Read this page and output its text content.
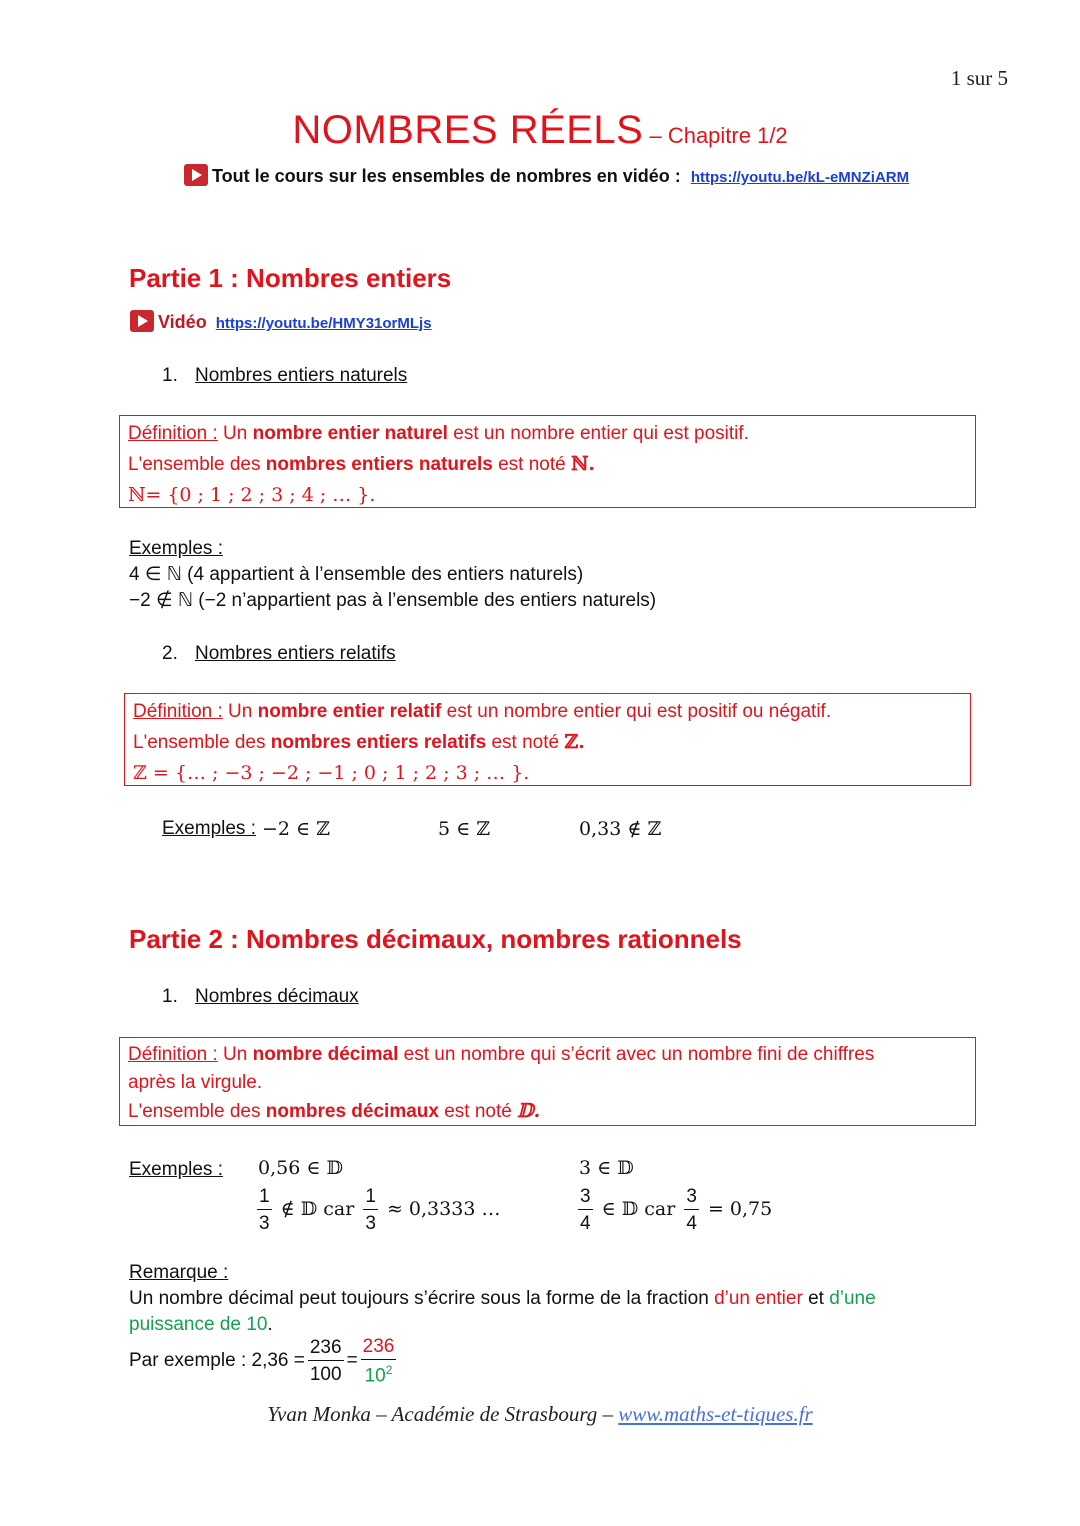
1 sur 5
NOMBRES RÉELS – Chapitre 1/2
Tout le cours sur les ensembles de nombres en vidéo : https://youtu.be/kL-eMNZiARM
Partie 1 : Nombres entiers
Vidéo https://youtu.be/HMY31orMLjs
1. Nombres entiers naturels
Définition : Un nombre entier naturel est un nombre entier qui est positif.
L'ensemble des nombres entiers naturels est noté ℕ.
ℕ= {0 ; 1 ; 2 ; 3 ; 4 ; … }.
Exemples :
4 ∈ ℕ (4 appartient à l’ensemble des entiers naturels)
−2 ∉ ℕ (−2 n’appartient pas à l’ensemble des entiers naturels)
2. Nombres entiers relatifs
Définition : Un nombre entier relatif est un nombre entier qui est positif ou négatif.
L'ensemble des nombres entiers relatifs est noté ℤ.
ℤ = {… ; −3 ; −2 ; −1 ; 0 ; 1 ; 2 ; 3 ; … }.
Exemples : −2 ∈ ℤ	5 ∈ ℤ	0,33 ∉ ℤ
Partie 2 : Nombres décimaux, nombres rationnels
1. Nombres décimaux
Définition : Un nombre décimal est un nombre qui s’écrit avec un nombre fini de chiffres
après la virgule.
L'ensemble des nombres décimaux est noté 𝔻.
Exemples : 0,56 ∈ 𝔻	3 ∈ 𝔻
$\frac{1}{3}$ ∉ 𝔻 car $\frac{1}{3} \approx 0,3333$ …	$\frac{3}{4}$ ∈ 𝔻 car $\frac{3}{4} = 0,75$
Remarque :
Un nombre décimal peut toujours s’écrire sous la forme de la fraction d’un entier et d’une puissance de 10.
Par exemple : $2,36 = \frac{236}{100} = \frac{236}{10^2}$
Yvan Monka – Académie de Strasbourg – www.maths-et-tiques.fr
